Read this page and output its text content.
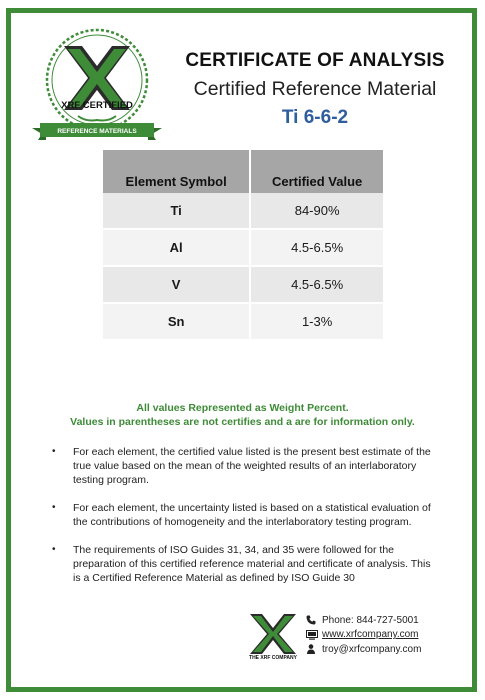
XRF CERTIFIED
REFERENCE MATERIALS
CERTIFICATE OF ANALYSIS
Certified Reference Material
Ti 6-6-2
Element Symbol	Certified Value
Ti	84-90%
Al	4.5-6.5%
V	4.5-6.5%
Sn	1-3%
All values Represented as Weight Percent.
Values in parentheses are not certifies and a are for information only.
•	For each element, the certified value listed is the present best estimate of the true value based on the mean of the weighted results of an interlaboratory testing program.
•	For each element, the uncertainty listed is based on a statistical evaluation of the contributions of homogeneity and the interlaboratory testing program.
•	The requirements of ISO Guides 31, 34, and 35 were followed for the preparation of this certified reference material and certificate of analysis. This is a Certified Reference Material as defined by ISO Guide 30
THE XRF COMPANY
Phone: 844-727-5001
www.xrfcompany.com
troy@xrfcompany.com
